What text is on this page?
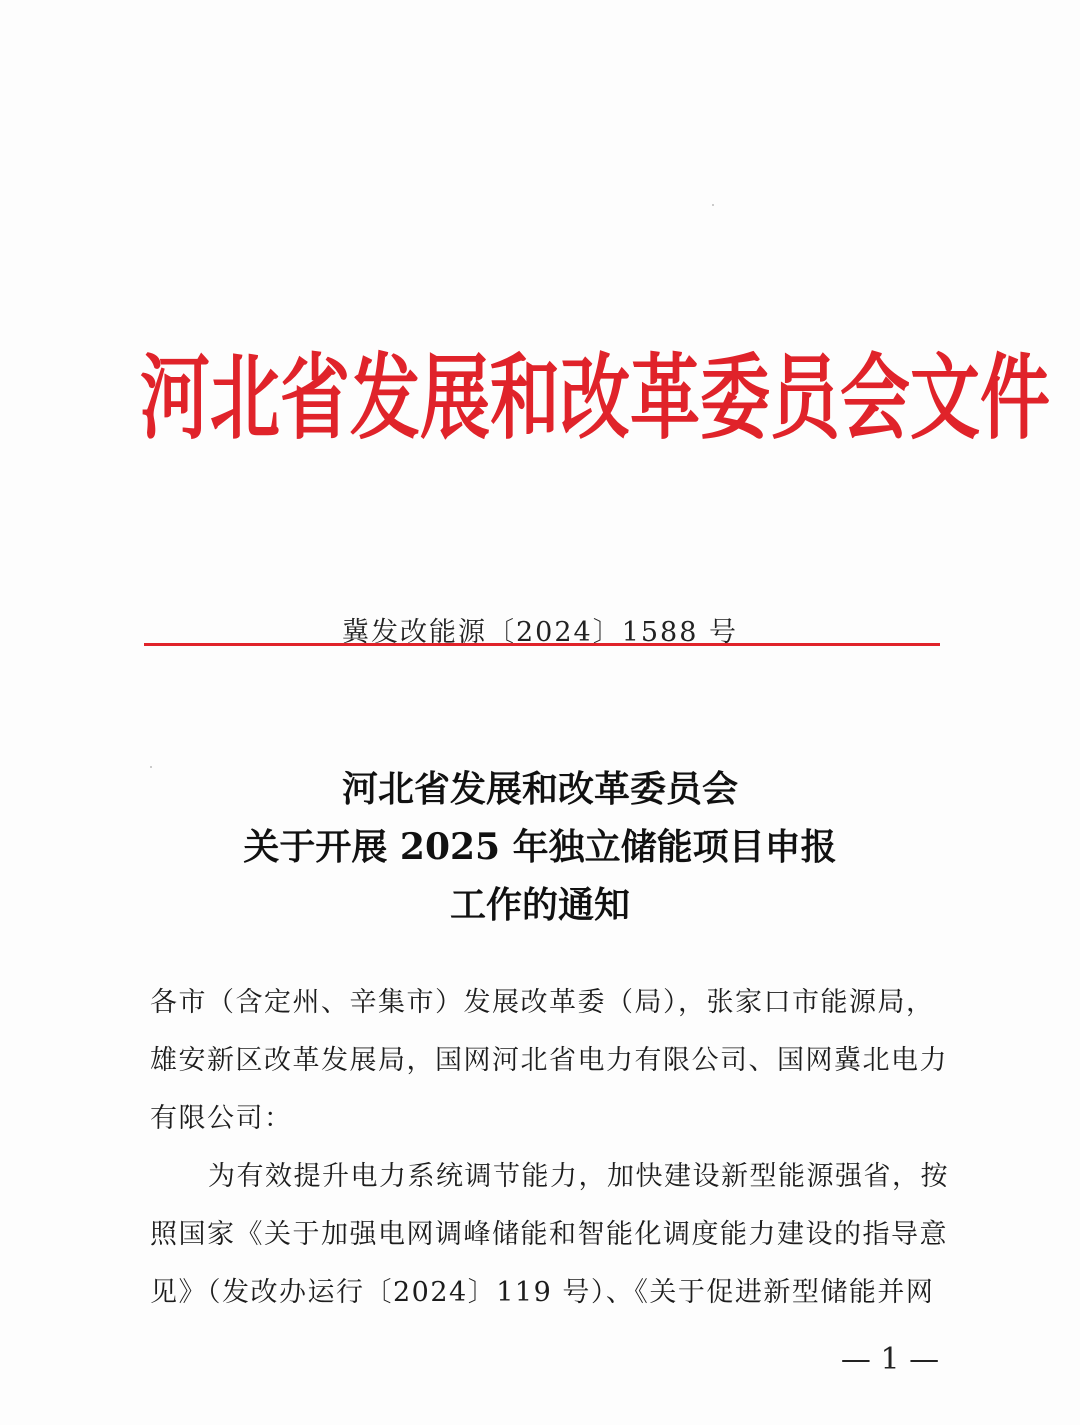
河北省发展和改革委员会文件
冀发改能源〔2024〕1588 号
河北省发展和改革委员会
关于开展 2025 年独立储能项目申报
工作的通知
各市（含定州、辛集市）发展改革委（局），张家口市能源局，
雄安新区改革发展局，国网河北省电力有限公司、国网冀北电力
有限公司：
为有效提升电力系统调节能力，加快建设新型能源强省，按
照国家《关于加强电网调峰储能和智能化调度能力建设的指导意
见》（发改办运行〔2024〕119 号）、《关于促进新型储能并网
— 1 —
